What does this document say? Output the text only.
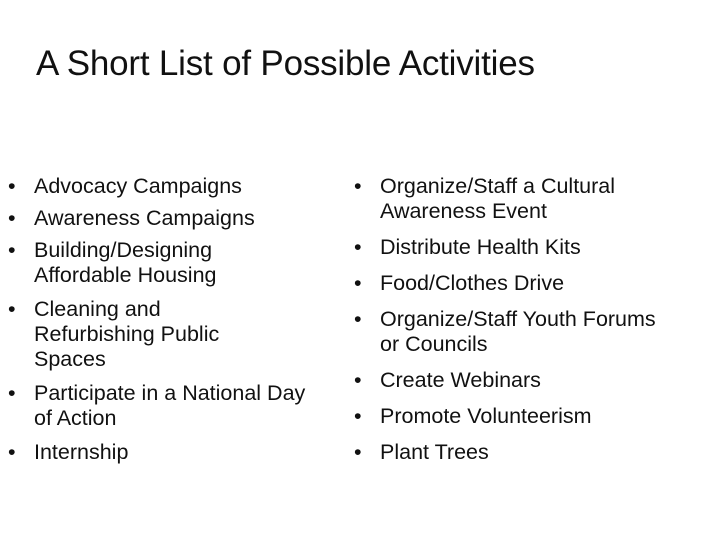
A Short List of Possible Activities
• Advocacy Campaigns
• Awareness Campaigns
• Building/Designing Affordable Housing
• Cleaning and Refurbishing Public Spaces
• Participate in a National Day of Action
• Internship
• Organize/Staff a Cultural Awareness Event
• Distribute Health Kits
• Food/Clothes Drive
• Organize/Staff Youth Forums or Councils
• Create Webinars
• Promote Volunteerism
• Plant Trees
